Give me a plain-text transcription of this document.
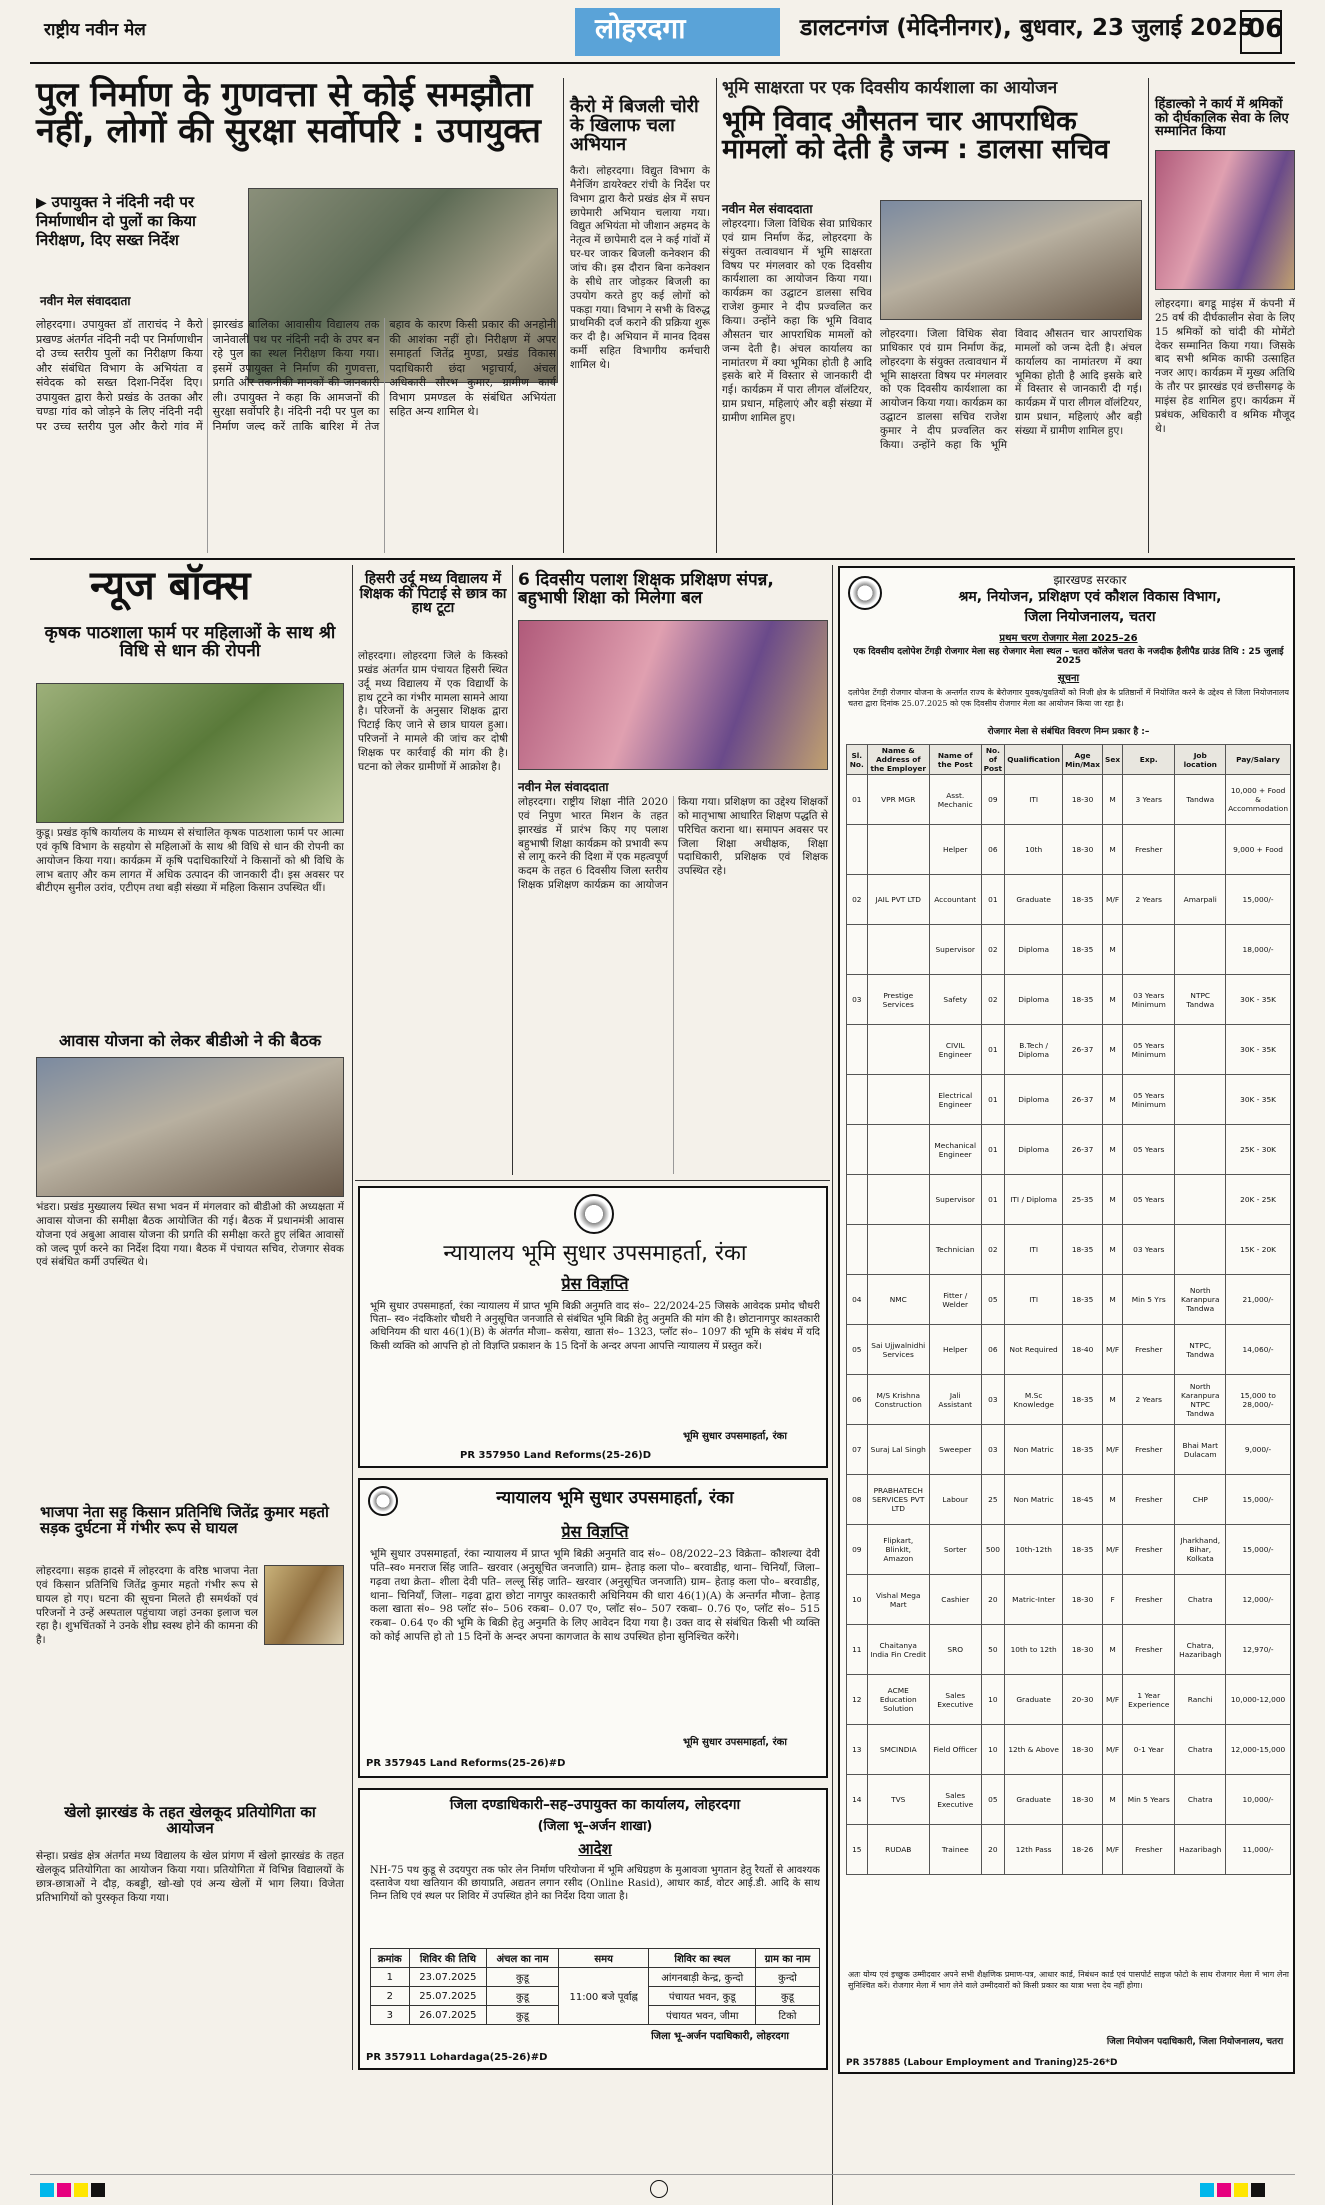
राष्ट्रीय नवीन मेल	लोहरदगा	डालटनगंज (मेदिनीनगर), बुधवार, 23 जुलाई 2025
06
पुल निर्माण के गुणवत्ता से कोई समझौता नहीं, लोगों की सुरक्षा सर्वोपरि : उपायुक्त
▶ उपायुक्त ने नंदिनी नदी पर निर्माणाधीन दो पुलों का किया निरीक्षण, दिए सख्त निर्देश
नवीन मेल संवाददाता
लोहरदगा। उपायुक्त डॉ ताराचंद ने कैरो प्रखण्ड अंतर्गत नंदिनी नदी पर निर्माणाधीन दो उच्च स्तरीय पुलों का निरीक्षण किया और संबंधित विभाग के अभियंता व संवेदक को सख्त दिशा-निर्देश दिए। उपायुक्त द्वारा कैरो प्रखंड के उतका और चण्डा गांव को जोड़ने के लिए नंदिनी नदी पर उच्च स्तरीय पुल और कैरो गांव में झारखंड बालिका आवासीय विद्यालय तक जानेवाली पथ पर नंदिनी नदी के उपर बन रहे पुल का स्थल निरीक्षण किया गया। इसमें उपायुक्त ने निर्माण की गुणवत्ता, प्रगति और तकनीकी मानकों की जानकारी ली। उपायुक्त ने कहा कि आमजनों की सुरक्षा सर्वोपरि है। नंदिनी नदी पर पुल का निर्माण जल्द करें ताकि बारिश में तेज बहाव के कारण किसी प्रकार की अनहोनी की आशंका नहीं हो। निरीक्षण में अपर समाहर्ता जितेंद्र मुण्डा, प्रखंड विकास पदाधिकारी छंदा भट्टाचार्य, अंचल अधिकारी सौरभ कुमार, ग्रामीण कार्य विभाग प्रमण्डल के संबंधित अभियंता सहित अन्य शामिल थे।
कैरो में बिजली चोरी के खिलाफ चला अभियान
कैरो। लोहरदगा। विद्युत विभाग के मैनेजिंग डायरेक्टर रांची के निर्देश पर विभाग द्वारा कैरो प्रखंड क्षेत्र में सघन छापेमारी अभियान चलाया गया। विद्युत अभियंता मो जीशान अहमद के नेतृत्व में छापेमारी दल ने कई गांवों में घर-घर जाकर बिजली कनेक्शन की जांच की। इस दौरान बिना कनेक्शन के सीधे तार जोड़कर बिजली का उपयोग करते हुए कई लोगों को पकड़ा गया। विभाग ने सभी के विरुद्ध प्राथमिकी दर्ज कराने की प्रक्रिया शुरू कर दी है। अभियान में मानव दिवस कर्मी सहित विभागीय कर्मचारी शामिल थे।
भूमि साक्षरता पर एक दिवसीय कार्यशाला का आयोजन
भूमि विवाद औसतन चार आपराधिक मामलों को देती है जन्म : डालसा सचिव
नवीन मेल संवाददाता
लोहरदगा। जिला विधिक सेवा प्राधिकार एवं ग्राम निर्माण केंद्र, लोहरदगा के संयुक्त तत्वावधान में भूमि साक्षरता विषय पर मंगलवार को एक दिवसीय कार्यशाला का आयोजन किया गया। कार्यक्रम का उद्घाटन डालसा सचिव राजेश कुमार ने दीप प्रज्वलित कर किया। उन्होंने कहा कि भूमि विवाद औसतन चार आपराधिक मामलों को जन्म देती है। अंचल कार्यालय का नामांतरण में क्या भूमिका होती है आदि इसके बारे में विस्तार से जानकारी दी गई। कार्यक्रम में पारा लीगल वॉलंटियर, ग्राम प्रधान, महिलाएं और बड़ी संख्या में ग्रामीण शामिल हुए।
लोहरदगा। जिला विधिक सेवा प्राधिकार एवं ग्राम निर्माण केंद्र, लोहरदगा के संयुक्त तत्वावधान में भूमि साक्षरता विषय पर मंगलवार को एक दिवसीय कार्यशाला का आयोजन किया गया। कार्यक्रम का उद्घाटन डालसा सचिव राजेश कुमार ने दीप प्रज्वलित कर किया। उन्होंने कहा कि भूमि विवाद औसतन चार आपराधिक मामलों को जन्म देती है। अंचल कार्यालय का नामांतरण में क्या भूमिका होती है आदि इसके बारे में विस्तार से जानकारी दी गई। कार्यक्रम में पारा लीगल वॉलंटियर, ग्राम प्रधान, महिलाएं और बड़ी संख्या में ग्रामीण शामिल हुए।
हिंडाल्को ने कार्य में श्रमिकों को दीर्घकालिक सेवा के लिए सम्मानित किया
लोहरदगा। बगडू माइंस में कंपनी में 25 वर्ष की दीर्घकालीन सेवा के लिए 15 श्रमिकों को चांदी की मोमेंटो देकर सम्मानित किया गया। जिसके बाद सभी श्रमिक काफी उत्साहित नजर आए। कार्यक्रम में मुख्य अतिथि के तौर पर झारखंड एवं छत्तीसगढ़ के माइंस हेड शामिल हुए। कार्यक्रम में प्रबंधक, अधिकारी व श्रमिक मौजूद थे।
न्यूज बॉक्स
कृषक पाठशाला फार्म पर महिलाओं के साथ श्री विधि से धान की रोपनी
कुडू। प्रखंड कृषि कार्यालय के माध्यम से संचालित कृषक पाठशाला फार्म पर आत्मा एवं कृषि विभाग के सहयोग से महिलाओं के साथ श्री विधि से धान की रोपनी का आयोजन किया गया। कार्यक्रम में कृषि पदाधिकारियों ने किसानों को श्री विधि के लाभ बताए और कम लागत में अधिक उत्पादन की जानकारी दी। इस अवसर पर बीटीएम सुनील उरांव, एटीएम तथा बड़ी संख्या में महिला किसान उपस्थित थीं।
आवास योजना को लेकर बीडीओ ने की बैठक
भंडरा। प्रखंड मुख्यालय स्थित सभा भवन में मंगलवार को बीडीओ की अध्यक्षता में आवास योजना की समीक्षा बैठक आयोजित की गई। बैठक में प्रधानमंत्री आवास योजना एवं अबुआ आवास योजना की प्रगति की समीक्षा करते हुए लंबित आवासों को जल्द पूर्ण करने का निर्देश दिया गया। बैठक में पंचायत सचिव, रोजगार सेवक एवं संबंधित कर्मी उपस्थित थे।
भाजपा नेता सह किसान प्रतिनिधि जितेंद्र कुमार महतो सड़क दुर्घटना में गंभीर रूप से घायल
लोहरदगा। सड़क हादसे में लोहरदगा के वरिष्ठ भाजपा नेता एवं किसान प्रतिनिधि जितेंद्र कुमार महतो गंभीर रूप से घायल हो गए। घटना की सूचना मिलते ही समर्थकों एवं परिजनों ने उन्हें अस्पताल पहुंचाया जहां उनका इलाज चल रहा है। शुभचिंतकों ने उनके शीघ्र स्वस्थ होने की कामना की है।
खेलो झारखंड के तहत खेलकूद प्रतियोगिता का आयोजन
सेन्हा। प्रखंड क्षेत्र अंतर्गत मध्य विद्यालय के खेल प्रांगण में खेलो झारखंड के तहत खेलकूद प्रतियोगिता का आयोजन किया गया। प्रतियोगिता में विभिन्न विद्यालयों के छात्र-छात्राओं ने दौड़, कबड्डी, खो-खो एवं अन्य खेलों में भाग लिया। विजेता प्रतिभागियों को पुरस्कृत किया गया।
हिसरी उर्दू मध्य विद्यालय में शिक्षक की पिटाई से छात्र का हाथ टूटा
लोहरदगा। लोहरदगा जिले के किस्को प्रखंड अंतर्गत ग्राम पंचायत हिसरी स्थित उर्दू मध्य विद्यालय में एक विद्यार्थी के हाथ टूटने का गंभीर मामला सामने आया है। परिजनों के अनुसार शिक्षक द्वारा पिटाई किए जाने से छात्र घायल हुआ। परिजनों ने मामले की जांच कर दोषी शिक्षक पर कार्रवाई की मांग की है। घटना को लेकर ग्रामीणों में आक्रोश है।
6 दिवसीय पलाश शिक्षक प्रशिक्षण संपन्न, बहुभाषी शिक्षा को मिलेगा बल
नवीन मेल संवाददाता
लोहरदगा। राष्ट्रीय शिक्षा नीति 2020 एवं निपुण भारत मिशन के तहत झारखंड में प्रारंभ किए गए पलाश बहुभाषी शिक्षा कार्यक्रम को प्रभावी रूप से लागू करने की दिशा में एक महत्वपूर्ण कदम के तहत 6 दिवसीय जिला स्तरीय शिक्षक प्रशिक्षण कार्यक्रम का आयोजन किया गया। प्रशिक्षण का उद्देश्य शिक्षकों को मातृभाषा आधारित शिक्षण पद्धति से परिचित कराना था। समापन अवसर पर जिला शिक्षा अधीक्षक, शिक्षा पदाधिकारी, प्रशिक्षक एवं शिक्षक उपस्थित रहे।
न्यायालय भूमि सुधार उपसमाहर्ता, रंका
प्रेस विज्ञप्ति
भूमि सुधार उपसमाहर्ता, रंका न्यायालय में प्राप्त भूमि बिक्री अनुमति वाद सं०– 22/2024-25 जिसके आवेदक प्रमोद चौधरी पिता– स्व० नंदकिशोर चौधरी ने अनुसूचित जनजाति से संबंधित भूमि बिक्री हेतु अनुमति की मांग की है। छोटानागपुर काश्तकारी अधिनियम की धारा 46(1)(B) के अंतर्गत मौजा– कसेया, खाता सं०– 1323, प्लॉट सं०– 1097 की भूमि के संबंध में यदि किसी व्यक्ति को आपत्ति हो तो विज्ञप्ति प्रकाशन के 15 दिनों के अन्दर अपना आपत्ति न्यायालय में प्रस्तुत करें।
भूमि सुधार उपसमाहर्ता, रंका
PR 357950 Land Reforms(25-26)D
न्यायालय भूमि सुधार उपसमाहर्ता, रंका
प्रेस विज्ञप्ति
भूमि सुधार उपसमाहर्ता, रंका न्यायालय में प्राप्त भूमि बिक्री अनुमति वाद सं०– 08/2022–23 विक्रेता– कौशल्या देवी पति–स्व० मनराज सिंह जाति– खरवार (अनुसूचित जनजाति) ग्राम– हेताड़ कला पो०– बरवाडीह, थाना– चिनियाँ, जिला– गढ़वा तथा क्रेता– शीला देवी पति– लल्लू सिंह जाति– खरवार (अनुसूचित जनजाति) ग्राम– हेताड़ कला पो०– बरवाडीह, थाना– चिनियाँ, जिला– गढ़वा द्वारा छोटा नागपुर काश्तकारी अधिनियम की धारा 46(1)(A) के अन्तर्गत मौजा– हेताड़ कला खाता सं०– 98 प्लॉट सं०– 506 रकबा– 0.07 ए०, प्लॉट सं०– 507 रकबा– 0.76 ए०, प्लॉट सं०– 515 रकबा– 0.64 ए० की भूमि के बिक्री हेतु अनुमति के लिए आवेदन दिया गया है। उक्त वाद से संबंधित किसी भी व्यक्ति को कोई आपत्ति हो तो 15 दिनों के अन्दर अपना कागजात के साथ उपस्थित होना सुनिश्चित करेंगे।
भूमि सुधार उपसमाहर्ता, रंका
PR 357945 Land Reforms(25-26)#D
जिला दण्डाधिकारी–सह–उपायुक्त का कार्यालय, लोहरदगा
(जिला भू–अर्जन शाखा)
आदेश
NH-75 पथ कुडू से उदयपुरा तक फोर लेन निर्माण परियोजना में भूमि अधिग्रहण के मुआवजा भुगतान हेतु रैयतों से आवश्यक दस्तावेज यथा खतियान की छायाप्रति, अद्यतन लगान रसीद (Online Rasid), आधार कार्ड, वोटर आई.डी. आदि के साथ निम्न तिथि एवं स्थल पर शिविर में उपस्थित होने का निर्देश दिया जाता है।
क्रमांक	शिविर की तिथि	अंचल का नाम	समय	शिविर का स्थल	ग्राम का नाम
1	23.07.2025	कुडू	11:00 बजे पूर्वाह्न	आंगनबाड़ी केन्द्र, कुन्दो	कुन्दो
2	25.07.2025	कुडू		पंचायत भवन, कुडू	कुडू
3	26.07.2025	कुडू		पंचायत भवन, जीमा	टिको
जिला भू–अर्जन पदाधिकारी, लोहरदगा
PR 357911 Lohardaga(25-26)#D
झारखण्ड सरकार
श्रम, नियोजन, प्रशिक्षण एवं कौशल विकास विभाग,
जिला नियोजनालय, चतरा
प्रथम चरण रोजगार मेला 2025–26
एक दिवसीय दलोपेश टेंगड़ी रोजगार मेला सह रोजगार मेला स्थल – चतरा कॉलेज चतरा के नजदीक हैलीपैड ग्राउंड तिथि : 25 जुलाई 2025
सूचना
दलोपेश टेंगड़ी रोजगार योजना के अन्तर्गत राज्य के बेरोजगार युवक/युवतियों को निजी क्षेत्र के प्रतिष्ठानों में नियोजित करने के उद्देश्य से जिला नियोजनालय चतरा द्वारा दिनांक 25.07.2025 को एक दिवसीय रोजगार मेला का आयोजन किया जा रहा है।
रोजगार मेला से संबंधित विवरण निम्न प्रकार है :–
Sl. No.	Name & Address of the Employer	Name of the Post	No. of Post	Qualification	Age Min/Max	Sex	Exp.	Job location	Pay/Salary
01	VPR MGR	Asst. Mechanic	09	ITI	18-30	M	3 Years	Tandwa	10,000 + Food & Accommodation
		Helper	06	10th	18-30	M	Fresher		9,000 + Food
02	JAIL PVT LTD	Accountant	01	Graduate	18-35	M/F	2 Years	Amarpali	15,000/-
		Supervisor	02	Diploma	18-35	M			18,000/-
03	Prestige Services	Safety	02	Diploma	18-35	M	03 Years Minimum	NTPC Tandwa	30K - 35K
		CIVIL Engineer	01	B.Tech / Diploma	26-37	M	05 Years Minimum		30K - 35K
		Electrical Engineer	01	Diploma	26-37	M	05 Years Minimum		30K - 35K
		Mechanical Engineer	01	Diploma	26-37	M	05 Years		25K - 30K
		Supervisor	01	ITI / Diploma	25-35	M	05 Years		20K - 25K
		Technician	02	ITI	18-35	M	03 Years		15K - 20K
04	NMC	Fitter / Welder	05	ITI	18-35	M	Min 5 Yrs	North Karanpura Tandwa	21,000/-
05	Sai Ujjwalnidhi Services	Helper	06	Not Required	18-40	M/F	Fresher	NTPC, Tandwa	14,060/-
06	M/S Krishna Construction	Jali Assistant	03	M.Sc Knowledge	18-35	M	2 Years	North Karanpura NTPC Tandwa	15,000 to 28,000/-
07	Suraj Lal Singh	Sweeper	03	Non Matric	18-35	M/F	Fresher	Bhai Mart Dulacam	9,000/-
08	PRABHATECH SERVICES PVT LTD	Labour	25	Non Matric	18-45	M	Fresher	CHP	15,000/-
09	Flipkart, BlinkIt, Amazon	Sorter	500	10th-12th	18-35	M/F	Fresher	Jharkhand, Bihar, Kolkata	15,000/-
10	Vishal Mega Mart	Cashier	20	Matric-Inter	18-30	F	Fresher	Chatra	12,000/-
11	Chaitanya India Fin Credit	SRO	50	10th to 12th	18-30	M	Fresher	Chatra, Hazaribagh	12,970/-
12	ACME Education Solution	Sales Executive	10	Graduate	20-30	M/F	1 Year Experience	Ranchi	10,000-12,000
13	SMCINDIA	Field Officer	10	12th & Above	18-30	M/F	0-1 Year	Chatra	12,000-15,000
14	TVS	Sales Executive	05	Graduate	18-30	M	Min 5 Years	Chatra	10,000/-
15	RUDAB	Trainee	20	12th Pass	18-26	M/F	Fresher	Hazaribagh	11,000/-
अतः योग्य एवं इच्छुक उम्मीदवार अपने सभी शैक्षणिक प्रमाण-पत्र, आधार कार्ड, निबंधन कार्ड एवं पासपोर्ट साइज फोटो के साथ रोजगार मेला में भाग लेना सुनिश्चित करें। रोजगार मेला में भाग लेने वाले उम्मीदवारों को किसी प्रकार का यात्रा भत्ता देय नहीं होगा।
जिला नियोजन पदाधिकारी, जिला नियोजनालय, चतरा
PR 357885 (Labour Employment and Traning)25-26*D
